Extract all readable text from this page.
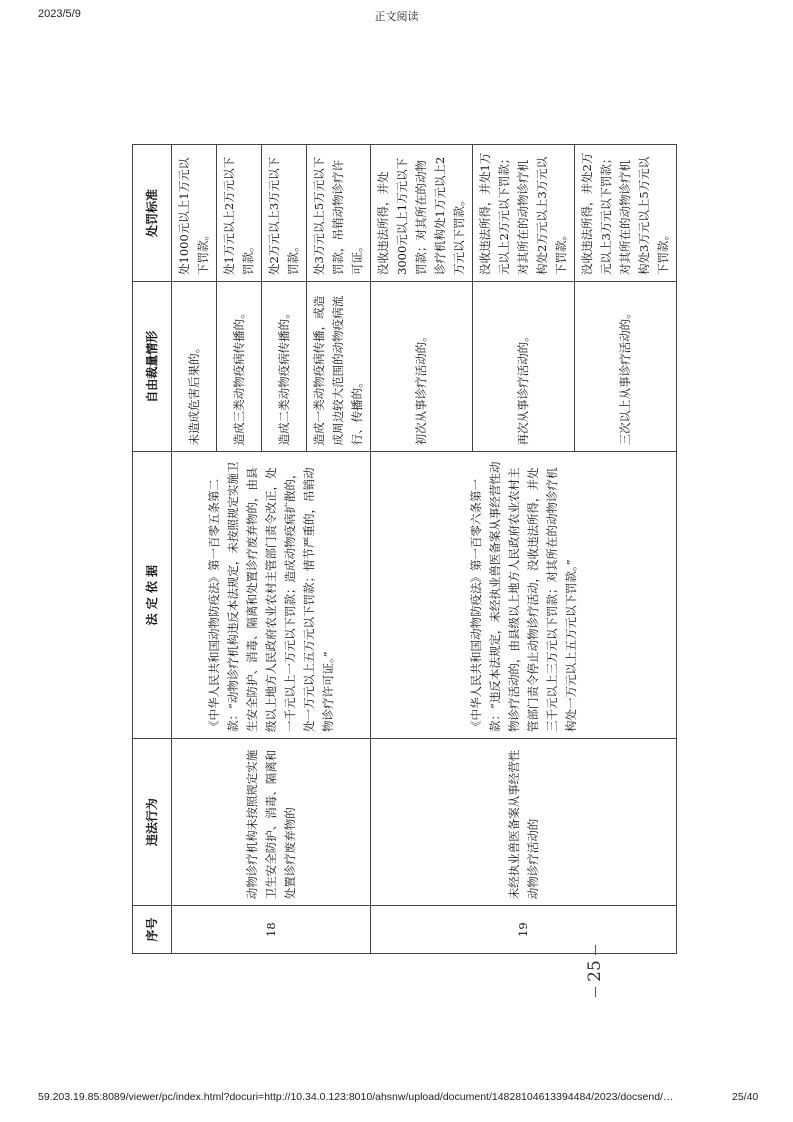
2023/5/9	正文阅读
序号	违法行为	法 定 依 据	自由裁量情形	处罚标准
18	动物诊疗机构未按照规定实施卫生安全防护、消毒、隔离和处置诊疗废弃物的	《中华人民共和国动物防疫法》第一百零五条第二款：“动物诊疗机构违反本法规定，未按照规定实施卫生安全防护、消毒、隔离和处置诊疗废弃物的，由县级以上地方人民政府农业农村主管部门责令改正，处一千元以上一万元以下罚款；造成动物疫病扩散的，处一万元以上五万元以下罚款；情节严重的，吊销动物诊疗许可证。”	未造成危害后果的。	处1000元以上1万元以下罚款。
			造成三类动物疫病传播的。	处1万元以上2万元以下罚款。
			造成二类动物疫病传播的。	处2万元以上3万元以下罚款。
			造成一类动物疫病传播，或造成周边较大范围的动物疫病流行、传播的。	处3万元以上5万元以下罚款，吊销动物诊疗许可证。
19	未经执业兽医备案从事经营性动物诊疗活动的	《中华人民共和国动物防疫法》第一百零六条第一款：“违反本法规定，未经执业兽医备案从事经营性动物诊疗活动的，由县级以上地方人民政府农业农村主管部门责令停止动物诊疗活动，没收违法所得，并处三千元以上三万元以下罚款；对其所在的动物诊疗机构处一万元以上五万元以下罚款。”	初次从事诊疗活动的。	没收违法所得，并处3000元以上1万元以下罚款；对其所在的动物诊疗机构处1万元以上2万元以下罚款。
			再次从事诊疗活动的。	没收违法所得，并处1万元以上2万元以下罚款；对其所在的动物诊疗机构处2万元以上3万元以下罚款。
			三次以上从事诊疗活动的。	没收违法所得，并处2万元以上3万元以下罚款；对其所在的动物诊疗机构处3万元以上5万元以下罚款。
25
59.203.19.85:8089/viewer/pc/index.html?docuri=http://10.34.0.123:8010/ahsnw/upload/document/14828104613394484/2023/docsend/…	25/40
